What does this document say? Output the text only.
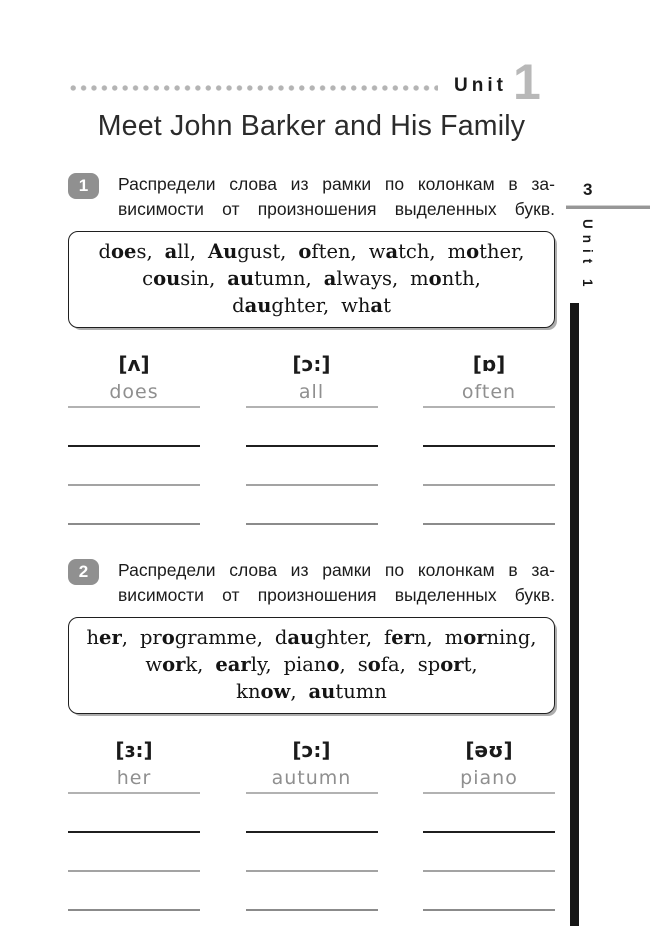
Unit 1
Meet John Barker and His Family
1	Распредели слова из рамки по колонкам в за-
висимости от произношения выделенных букв.
does, all, August, often, watch, mother,
cousin, autumn, always, month,
daughter, what
[ʌ]
does
[ɔ:]
all
[ɒ]
often
2	Распредели слова из рамки по колонкам в за-
висимости от произношения выделенных букв.
her, programme, daughter, fern, morning,
work, early, piano, sofa, sport,
know, autumn
[ɜ:]
her
[ɔ:]
autumn
[əʊ]
piano
3
Unit 1
